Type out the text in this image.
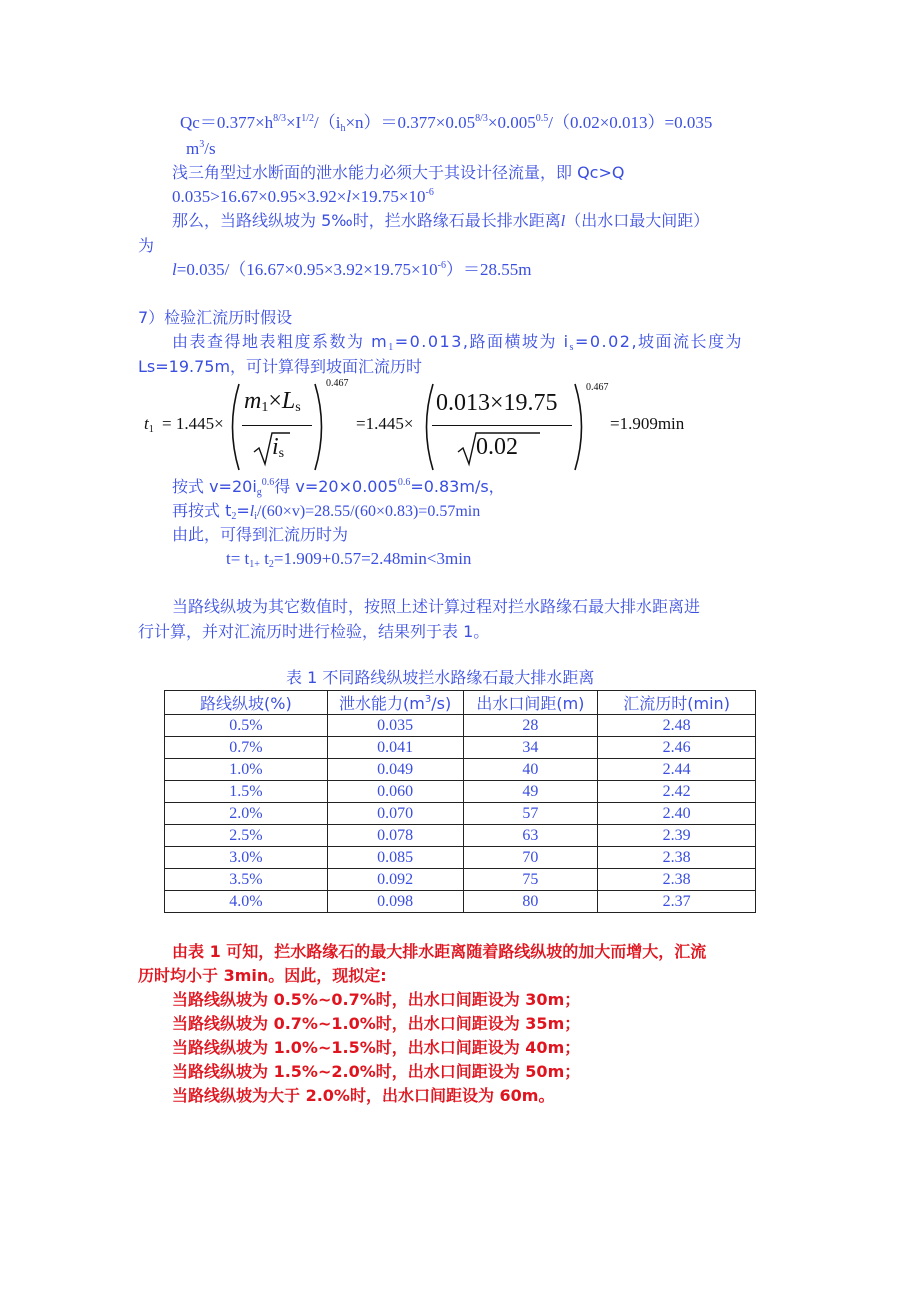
$Qc=0.377\times h^{8/3}\times I^{1/2}/(i_h\times n)=0.377\times 0.05^{8/3}\times 0.005^{0.5}/(0.02\times 0.013)=0.035$
$m^3/s$
浅三角型过水断面的泄水能力必须大于其设计径流量，即 Qc>Q
$0.035>16.67\times 0.95\times 3.92\times l\times 19.75\times 10^{-6}$
那么，当路线纵坡为 5‰时，拦水路缘石最长排水距离l（出水口最大间距）
为
$l=0.035/(16.67\times 0.95\times 3.92\times 19.75\times 10^{-6})=28.55m$
7）检验汇流历时假设
由表查得地表粗度系数为 $m_1=0.013$,路面横坡为 $i_s=0.02$,坡面流长度为
Ls=19.75m，可计算得到坡面汇流历时
$t_1 = 1.445\times$
$m_1\times L_s$
$i_s$
0.467
=1.445×
0.013×19.75
0.02
0.467
=1.909min
按式 $v=20i_g^{0.6}$得 $v=20\times 0.005^{0.6}=0.83m/s$，
再按式 $t_2=l_i/(60\times v)=28.55/(60\times 0.83)=0.57\min$
由此，可得到汇流历时为
$t= t_{1+}$ $t_2=1.909+0.57=2.48\min<3\min$
当路线纵坡为其它数值时，按照上述计算过程对拦水路缘石最大排水距离进
行计算，并对汇流历时进行检验，结果列于表 1。
表 1 不同路线纵坡拦水路缘石最大排水距离
路线纵坡(%)	泄水能力$(m^3/s)$	出水口间距(m)	汇流历时(min)
0.5%	0.035	28	2.48
0.7%	0.041	34	2.46
1.0%	0.049	40	2.44
1.5%	0.060	49	2.42
2.0%	0.070	57	2.40
2.5%	0.078	63	2.39
3.0%	0.085	70	2.38
3.5%	0.092	75	2.38
4.0%	0.098	80	2.37
由表 1 可知，拦水路缘石的最大排水距离随着路线纵坡的加大而增大，汇流
历时均小于 3min。因此，现拟定:
当路线纵坡为 0.5%~0.7%时，出水口间距设为 30m；
当路线纵坡为 0.7%~1.0%时，出水口间距设为 35m；
当路线纵坡为 1.0%~1.5%时，出水口间距设为 40m；
当路线纵坡为 1.5%~2.0%时，出水口间距设为 50m；
当路线纵坡为大于 2.0%时，出水口间距设为 60m。
